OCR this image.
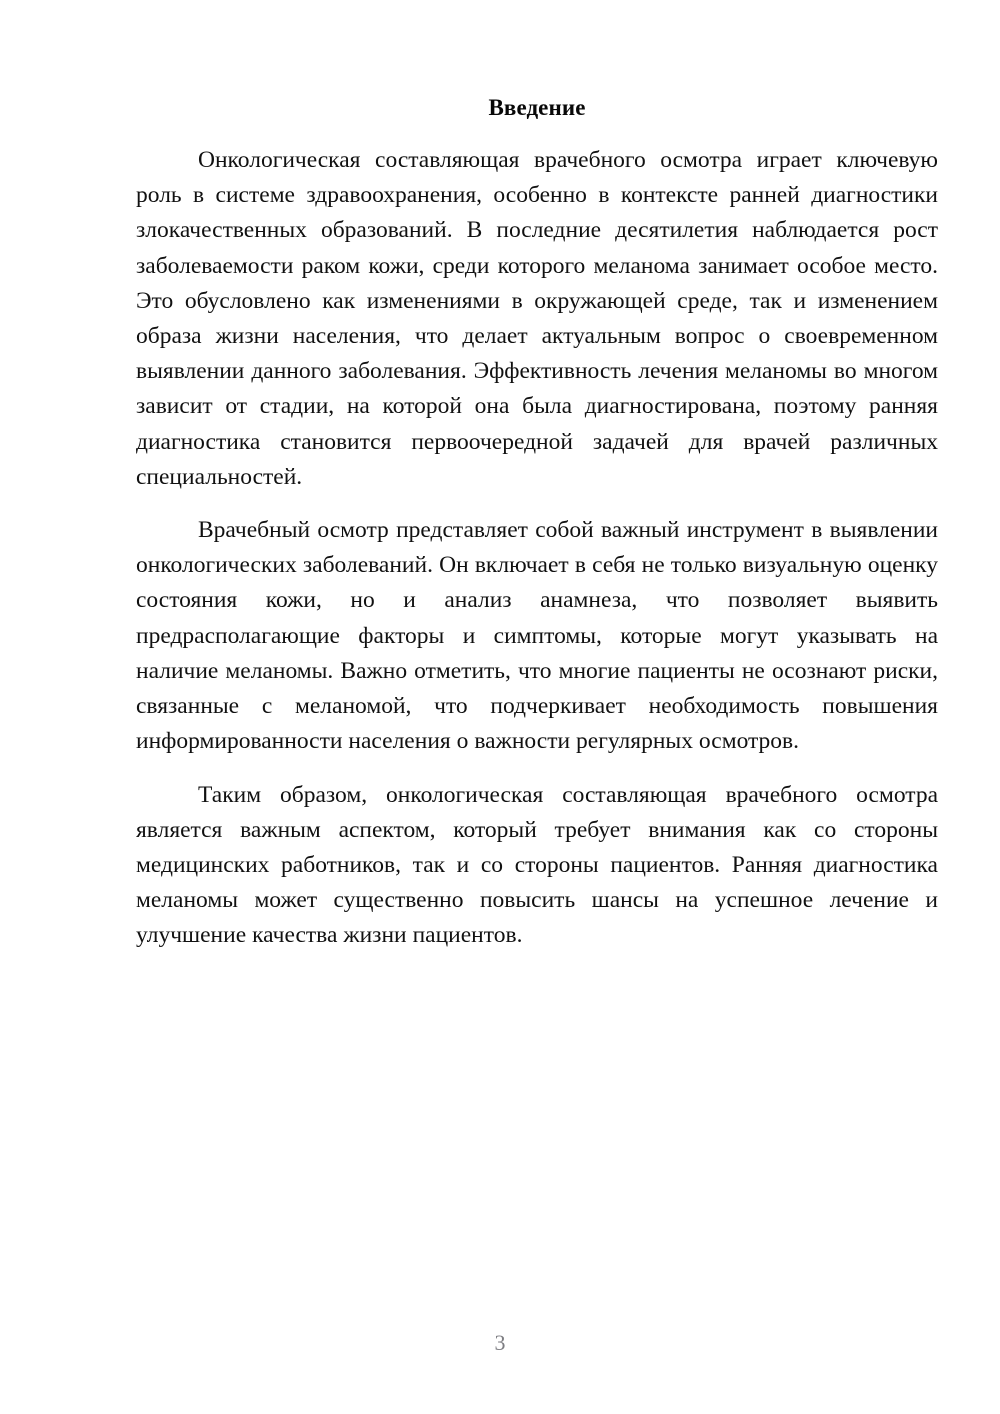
Введение

Онкологическая составляющая врачебного осмотра играет ключевую роль в системе здравоохранения, особенно в контексте ранней диагностики злокачественных образований. В последние десятилетия наблюдается рост заболеваемости раком кожи, среди которого меланома занимает особое место. Это обусловлено как изменениями в окружающей среде, так и изменением образа жизни населения, что делает актуальным вопрос о своевременном выявлении данного заболевания. Эффективность лечения меланомы во многом зависит от стадии, на которой она была диагностирована, поэтому ранняя диагностика становится первоочередной задачей для врачей различных специальностей.

Врачебный осмотр представляет собой важный инструмент в выявлении онкологических заболеваний. Он включает в себя не только визуальную оценку состояния кожи, но и анализ анамнеза, что позволяет выявить предрасполагающие факторы и симптомы, которые могут указывать на наличие меланомы. Важно отметить, что многие пациенты не осознают риски, связанные с меланомой, что подчеркивает необходимость повышения информированности населения о важности регулярных осмотров.

Таким образом, онкологическая составляющая врачебного осмотра является важным аспектом, который требует внимания как со стороны медицинских работников, так и со стороны пациентов. Ранняя диагностика меланомы может существенно повысить шансы на успешное лечение и улучшение качества жизни пациентов.

3
